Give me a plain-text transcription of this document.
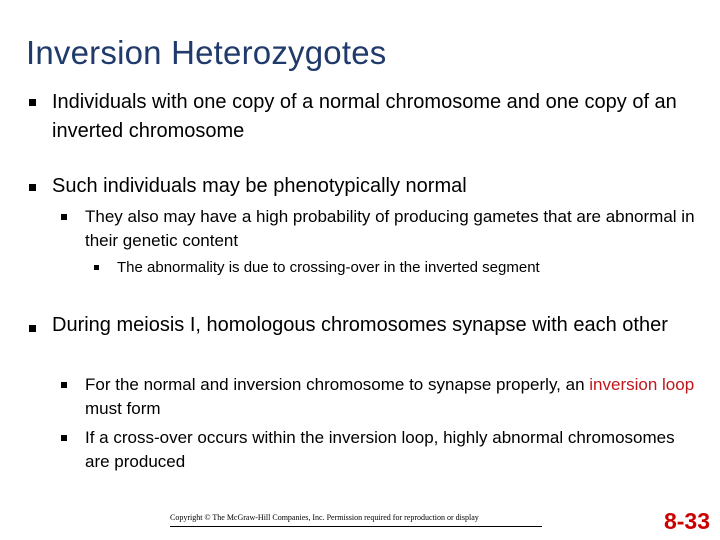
Inversion Heterozygotes
Individuals with one copy of a normal chromosome and one copy of an inverted chromosome
Such individuals may be phenotypically normal
They also may have a high probability of producing gametes that are abnormal in their genetic content
The abnormality is due to crossing-over in the inverted segment
During meiosis I, homologous chromosomes synapse with each other
For the normal and inversion chromosome to synapse properly, an inversion loop must form
If a cross-over occurs within the inversion loop, highly abnormal chromosomes are produced
Copyright © The McGraw-Hill Companies, Inc. Permission required for reproduction or display	8-33
